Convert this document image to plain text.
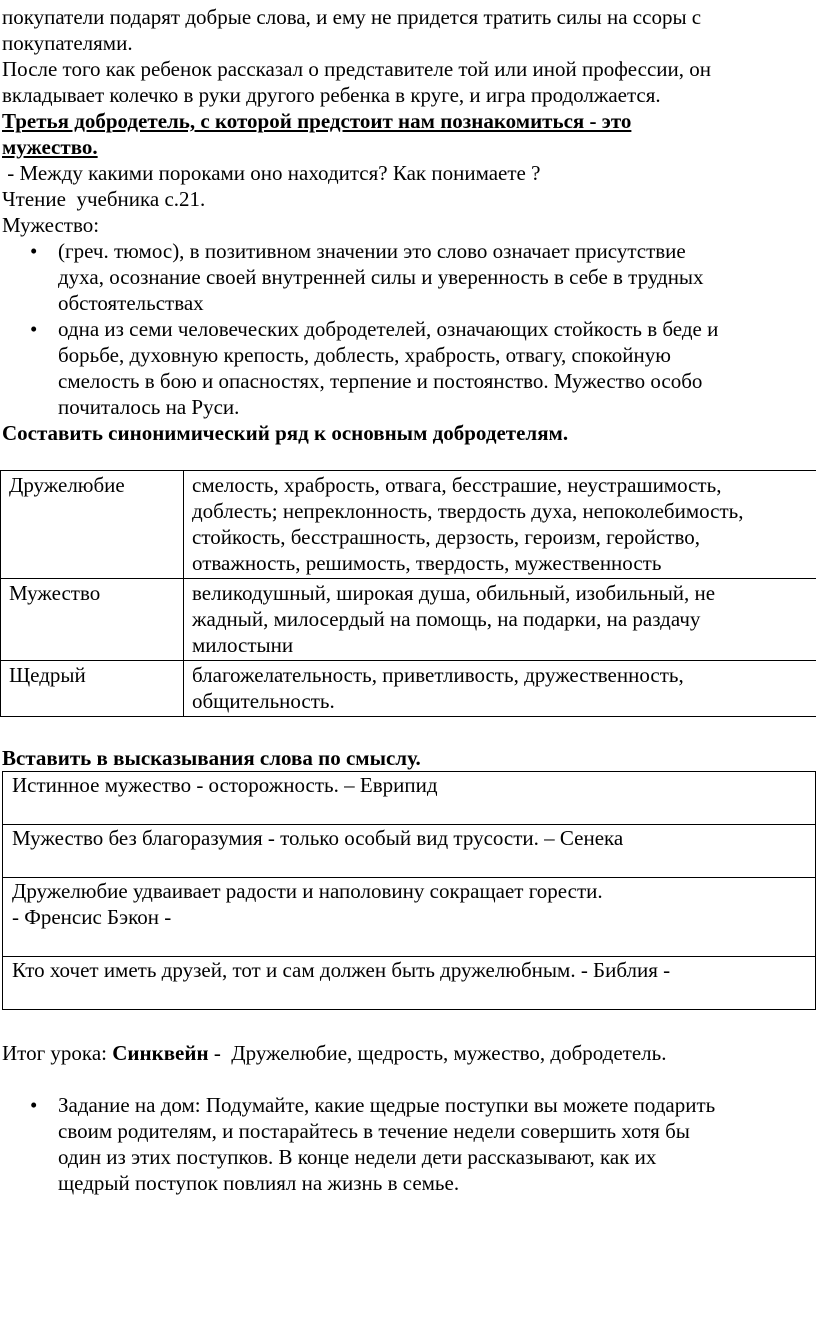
покупатели подарят добрые слова, и ему не придется тратить силы на ссоры с
покупателями.
После того как ребенок рассказал о представителе той или иной профессии, он
вкладывает колечко в руки другого ребенка в круге, и игра продолжается.

Третья добродетель, с которой предстоит нам познакомиться - это
мужество.

- Между какими пороками оно находится? Как понимаете ?

Чтение  учебника с.21.

Мужество:

• (греч. тюмос), в позитивном значении это слово означает присутствие
духа, осознание своей внутренней силы и уверенность в себе в трудных
обстоятельствах
• одна из семи человеческих добродетелей, означающих стойкость в беде и
борьбе, духовную крепость, доблесть, храбрость, отвагу, спокойную
смелость в бою и опасностях, терпение и постоянство. Мужество особо
почиталось на Руси.

Составить синонимический ряд к основным добродетелям.

Дружелюбие	смелость, храбрость, отвага, бесстрашие, неустрашимость,
доблесть; непреклонность, твердость духа, непоколебимость,
стойкость, бесстрашность, дерзость, героизм, геройство,
отважность, решимость, твердость, мужественность
Мужество	великодушный, широкая душа, обильный, изобильный, не
жадный, милосердый на помощь, на подарки, на раздачу
милостыни
Щедрый	благожелательность, приветливость, дружественность,
общительность.

Вставить в высказывания слова по смыслу.

Истинное мужество - осторожность. – Еврипид
Мужество без благоразумия - только особый вид трусости. – Сенека
Дружелюбие удваивает радости и наполовину сокращает горести.
- Френсис Бэкон -
Кто хочет иметь друзей, тот и сам должен быть дружелюбным. - Библия -

Итог урока: Синквейн -  Дружелюбие, щедрость, мужество, добродетель.

• Задание на дом: Подумайте, какие щедрые поступки вы можете подарить
своим родителям, и постарайтесь в течение недели совершить хотя бы
один из этих поступков. В конце недели дети рассказывают, как их
щедрый поступок повлиял на жизнь в семье.
